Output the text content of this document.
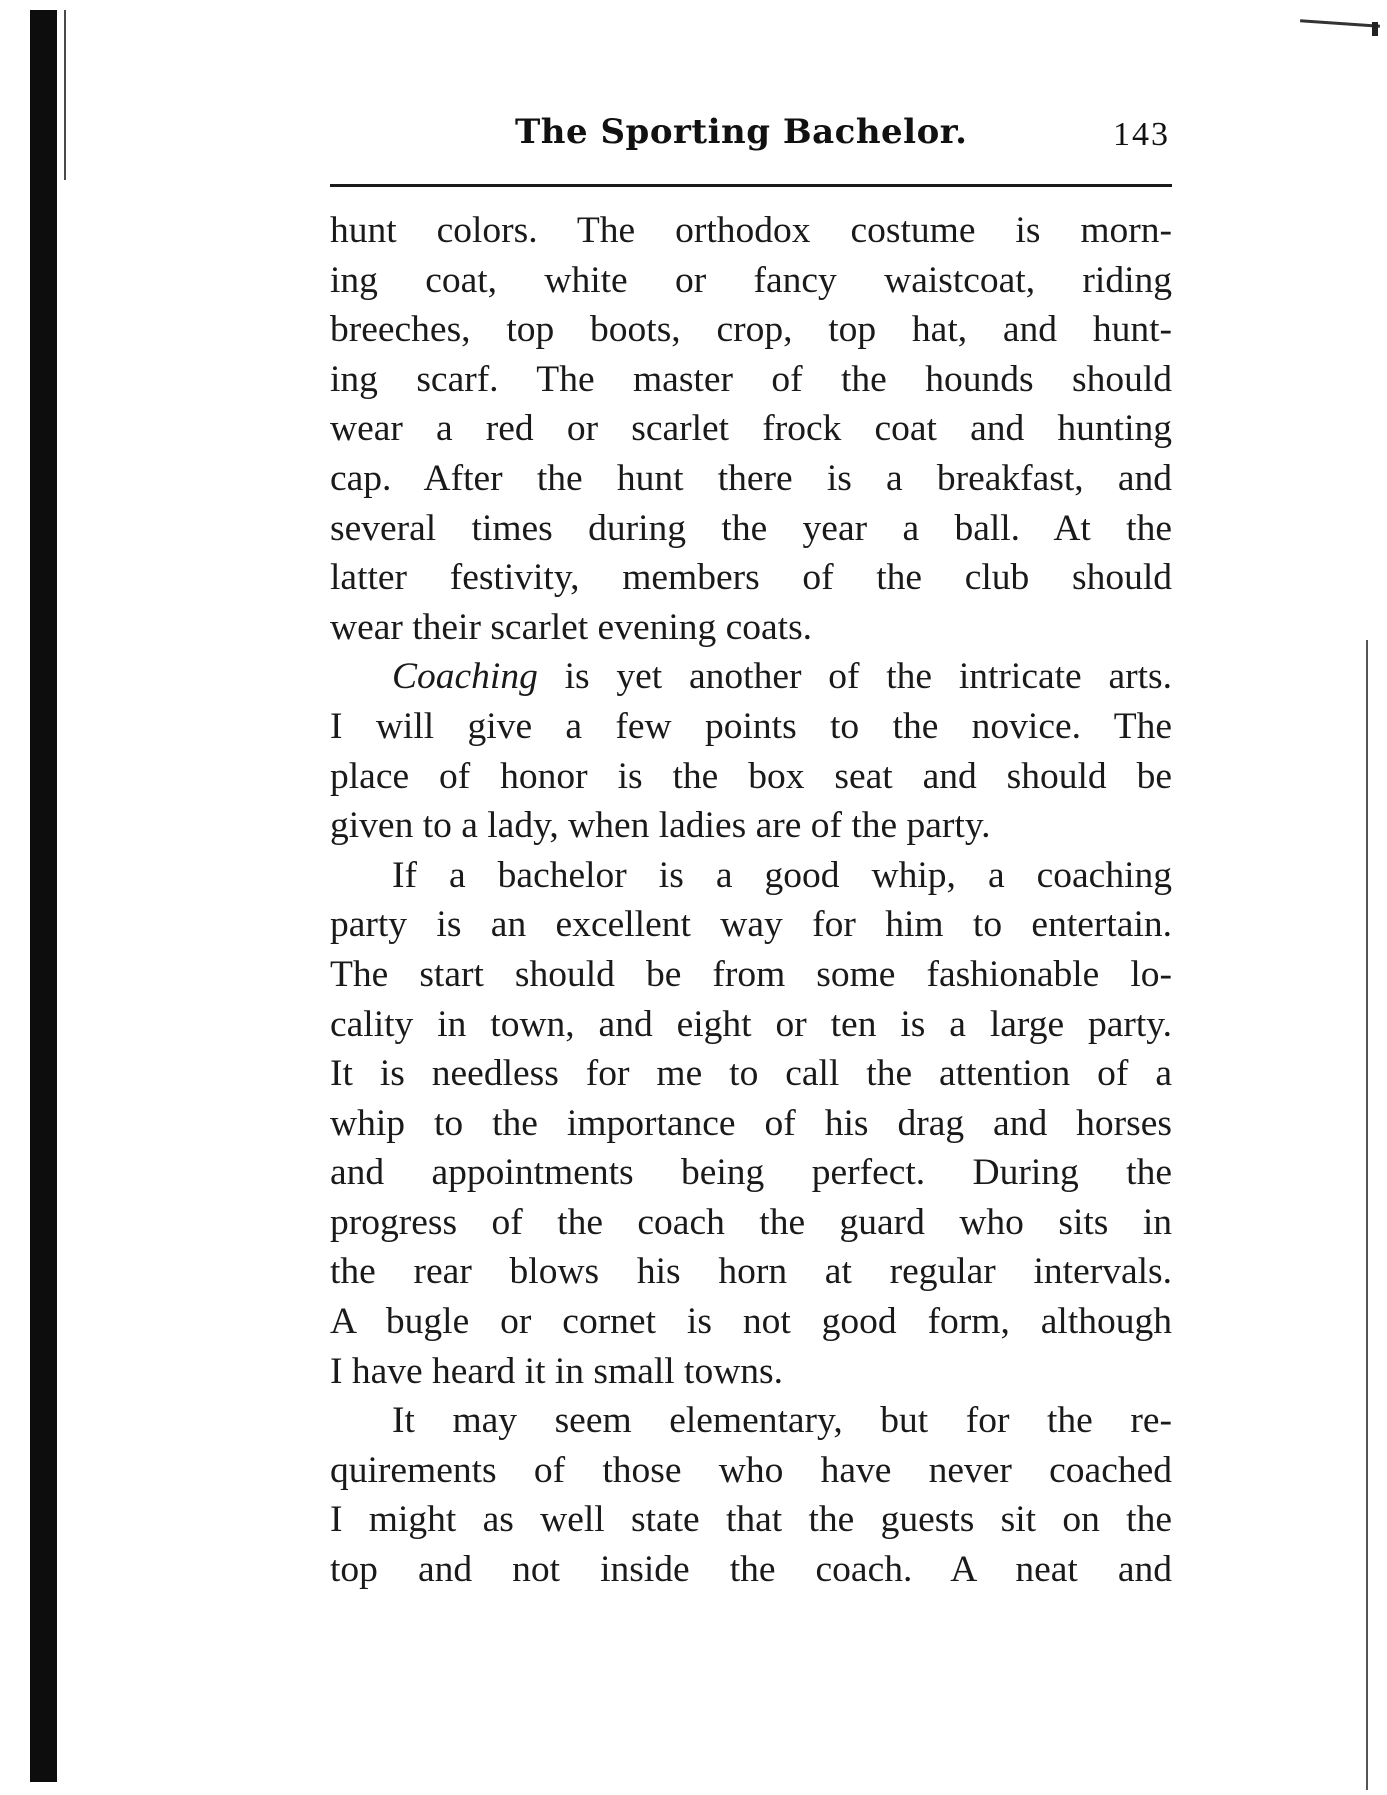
The Sporting Bachelor.	143

hunt colors. The orthodox costume is morn-
ing coat, white or fancy waistcoat, riding
breeches, top boots, crop, top hat, and hunt-
ing scarf. The master of the hounds should
wear a red or scarlet frock coat and hunting
cap. After the hunt there is a breakfast, and
several times during the year a ball. At the
latter festivity, members of the club should
wear their scarlet evening coats.

Coaching is yet another of the intricate arts.
I will give a few points to the novice. The
place of honor is the box seat and should be
given to a lady, when ladies are of the party.

If a bachelor is a good whip, a coaching
party is an excellent way for him to entertain.
The start should be from some fashionable lo-
cality in town, and eight or ten is a large party.
It is needless for me to call the attention of a
whip to the importance of his drag and horses
and appointments being perfect. During the
progress of the coach the guard who sits in
the rear blows his horn at regular intervals.
A bugle or cornet is not good form, although
I have heard it in small towns.

It may seem elementary, but for the re-
quirements of those who have never coached
I might as well state that the guests sit on the
top and not inside the coach. A neat and
